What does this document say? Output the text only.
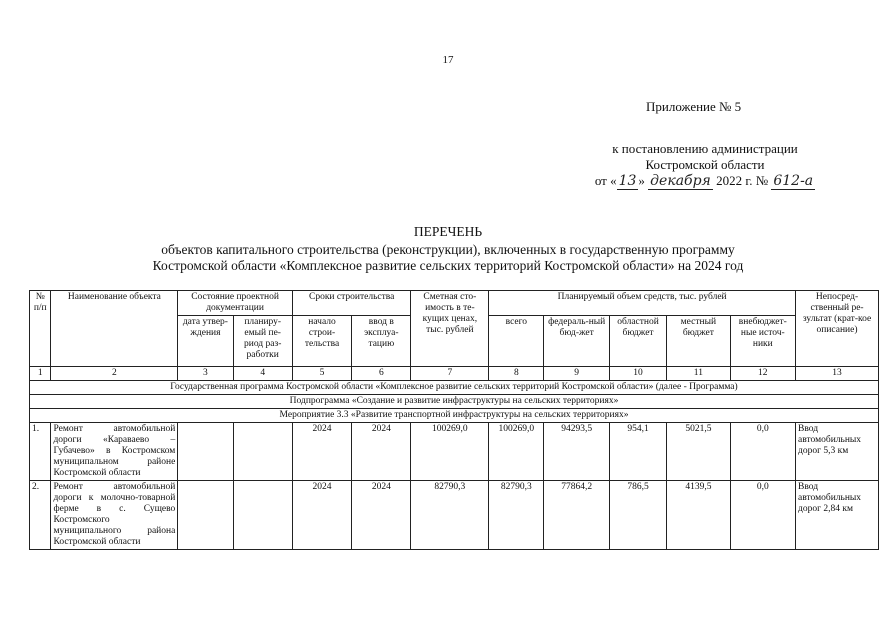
17
Приложение № 5
к постановлению администрации
Костромской области
от « 13 » декабря 2022 г. № 612-а
ПЕРЕЧЕНЬ
объектов капитального строительства (реконструкции), включенных в государственную программу
Костромской области «Комплексное развитие сельских территорий Костромской области» на 2024 год
№ п/п	Наименование объекта	Состояние проектной документации		Сроки строительства		Сметная сто-имость в те-кущих ценах, тыс. рублей	Планируемый объем средств, тыс. рублей					Непосред-ственный ре-зультат (крат-кое описание)
		дата утвер-ждения	планиру-емый пе-риод раз-работки	начало строи-тельства	ввод в эксплуа-тацию		всего	федераль-ный бюд-жет	областной бюджет	местный бюджет	внебюджет-ные источ-ники	
1	2	3	4	5	6	7	8	9	10	11	12	13
Государственная программа Костромской области «Комплексное развитие сельских территорий Костромской области» (далее - Программа)												
Подпрограмма «Создание и развитие инфраструктуры на сельских территориях»												
Мероприятие 3.3 «Развитие транспортной инфраструктуры на сельских территориях»												
1.	Ремонт автомобильной дороги «Караваево – Губачево» в Костромском муниципальном районе Костромской области			2024	2024	100269,0	100269,0	94293,5	954,1	5021,5	0,0	Ввод автомобильных дорог 5,3 км
2.	Ремонт автомобильной дороги к молочно-товарной ферме в с. Сущево Костромского муниципального района Костромской области			2024	2024	82790,3	82790,3	77864,2	786,5	4139,5	0,0	Ввод автомобильных дорог 2,84 км
